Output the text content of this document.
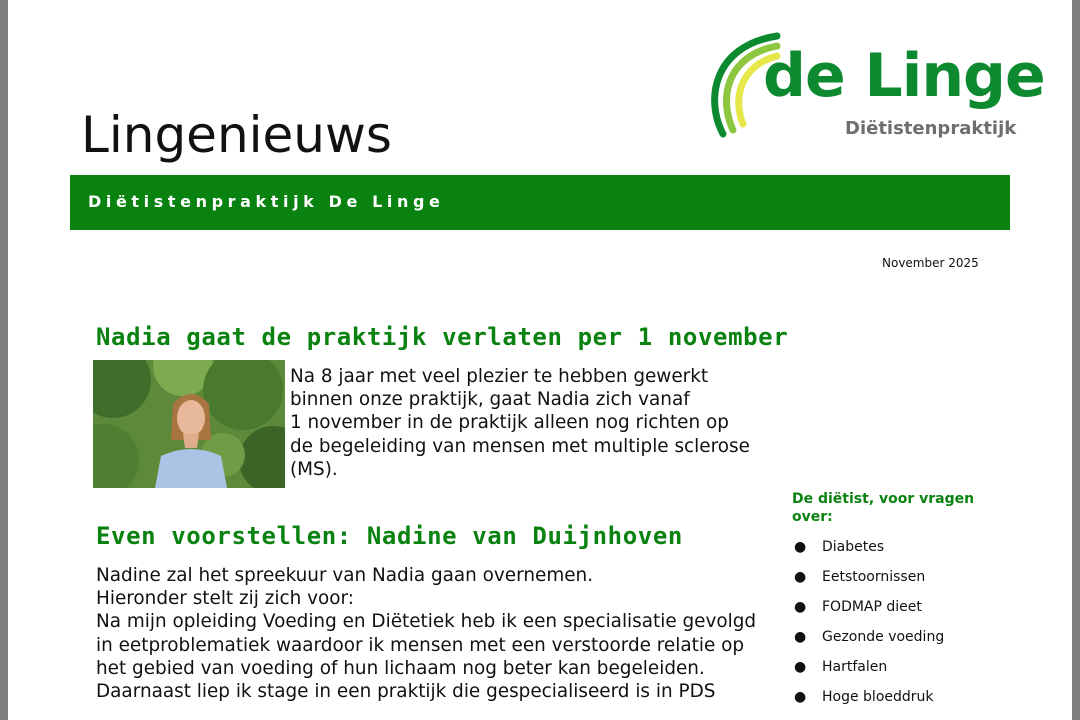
de Linge
Diëtistenpraktijk
Lingenieuws
Diëtistenpraktijk De Linge
November 2025
Nadia gaat de praktijk verlaten per 1 november
Na 8 jaar met veel plezier te hebben gewerkt
binnen onze praktijk, gaat Nadia zich vanaf
1 november in de praktijk alleen nog richten op
de begeleiding van mensen met multiple sclerose
(MS).
Even voorstellen: Nadine van Duijnhoven
Nadine zal het spreekuur van Nadia gaan overnemen.
Hieronder stelt zij zich voor:
Na mijn opleiding Voeding en Diëtetiek heb ik een specialisatie gevolgd
in eetproblematiek waardoor ik mensen met een verstoorde relatie op
het gebied van voeding of hun lichaam nog beter kan begeleiden.
Daarnaast liep ik stage in een praktijk die gespecialiseerd is in PDS
De diëtist, voor vragen over:
● Diabetes
● Eetstoornissen
● FODMAP dieet
● Gezonde voeding
● Hartfalen
● Hoge bloeddruk
